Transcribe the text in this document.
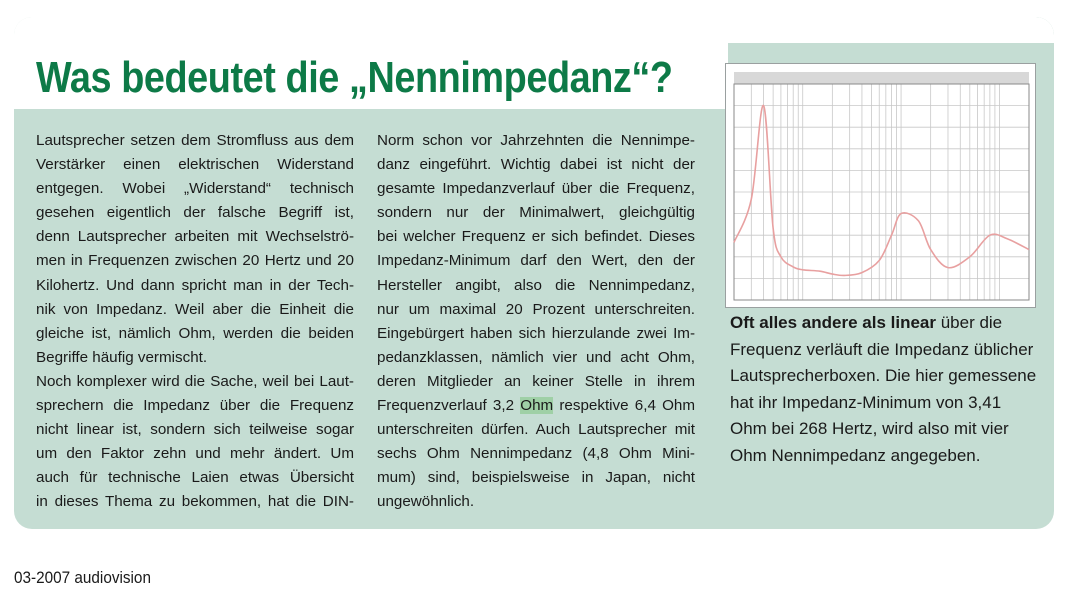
Was bedeutet die „Nennimpedanz“?

Lautsprecher setzen dem Stromfluss aus dem
Verstärker einen elektrischen Widerstand
entgegen. Wobei „Widerstand“ technisch
gesehen eigentlich der falsche Begriff ist,
denn Lautsprecher arbeiten mit Wechselströ-
men in Frequenzen zwischen 20 Hertz und 20
Kilohertz. Und dann spricht man in der Tech-
nik von Impedanz. Weil aber die Einheit die
gleiche ist, nämlich Ohm, werden die beiden
Begriffe häufig vermischt.
Noch komplexer wird die Sache, weil bei Laut-
sprechern die Impedanz über die Frequenz
nicht linear ist, sondern sich teilweise sogar
um den Faktor zehn und mehr ändert. Um
auch für technische Laien etwas Übersicht
in dieses Thema zu bekommen, hat die DIN-

Norm schon vor Jahrzehnten die Nennimpe-
danz eingeführt. Wichtig dabei ist nicht der
gesamte Impedanzverlauf über die Frequenz,
sondern nur der Minimalwert, gleichgültig
bei welcher Frequenz er sich befindet. Dieses
Impedanz-Minimum darf den Wert, den der
Hersteller angibt, also die Nennimpedanz,
nur um maximal 20 Prozent unterschreiten.
Eingebürgert haben sich hierzulande zwei Im-
pedanzklassen, nämlich vier und acht Ohm,
deren Mitglieder an keiner Stelle in ihrem
Frequenzverlauf 3,2 Ohm respektive 6,4 Ohm
unterschreiten dürfen. Auch Lautsprecher mit
sechs Ohm Nennimpedanz (4,8 Ohm Mini-
mum) sind, beispielsweise in Japan, nicht
ungewöhnlich.

Oft alles andere als linear über die Frequenz verläuft die Impedanz üblicher Lautsprecherboxen. Die hier gemessene hat ihr Impedanz-Minimum von 3,41 Ohm bei 268 Hertz, wird also mit vier Ohm Nennimpedanz angegeben.
03-2007 audiovision
